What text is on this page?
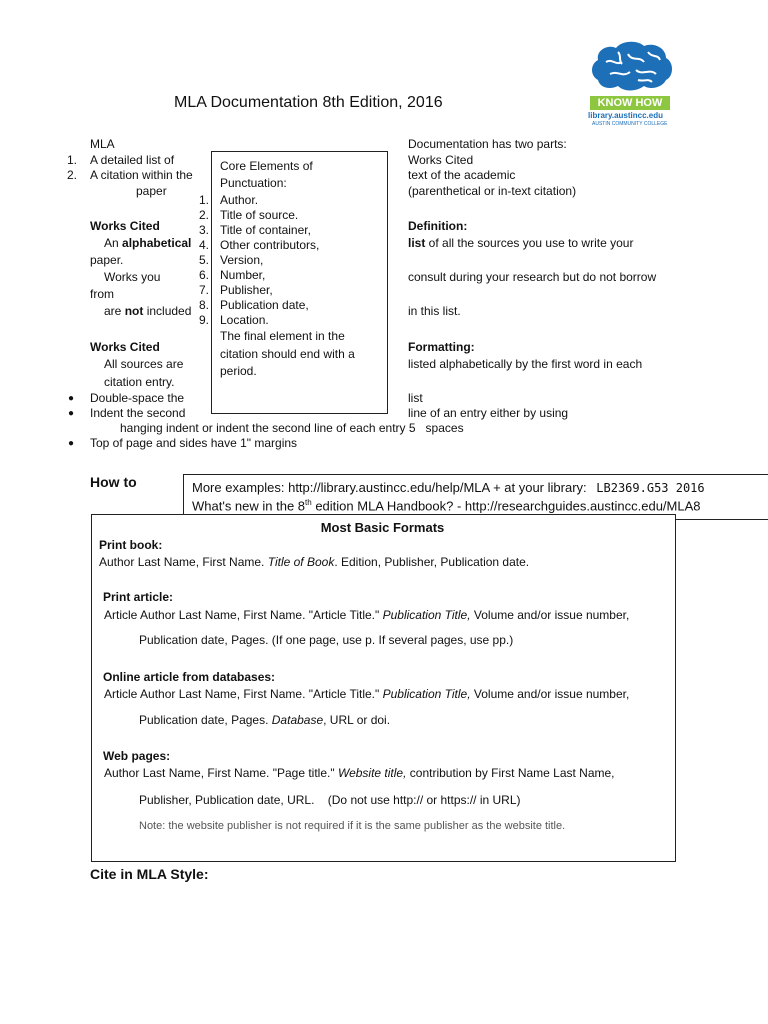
KNOW HOW
library.austincc.edu
AUSTIN COMMUNITY COLLEGE
MLA Documentation 8th Edition, 2016
MLA	Documentation has two parts:
1. A detailed list of	Works Cited
2. A citation within the	text of the academic
paper	(parenthetical or in-text citation)
Works Cited
An alphabetical
paper.
Works you
from
are not included
Definition:
list of all the sources you use to write your
consult during your research but do not borrow
in this list.
Core Elements of
Punctuation:
1. Author.
2. Title of source.
3. Title of container,
4. Other contributors,
5. Version,
6. Number,
7. Publisher,
8. Publication date,
9. Location.
The final element in the
citation should end with a
period.
Works Cited
All sources are
citation entry.
Formatting:
listed alphabetically by the first word in each
list
line of an entry either by using
● Double-space the
● Indent the second
hanging indent or indent the second line of each entry 5   spaces
● Top of page and sides have 1" margins
How to	More examples: http://library.austincc.edu/help/MLA + at your library: LB2369.G53 2016
What's new in the 8th edition MLA Handbook? - http://researchguides.austincc.edu/MLA8
Most Basic Formats
Print book:
Author Last Name, First Name. Title of Book. Edition, Publisher, Publication date.
Print article:
Article Author Last Name, First Name. "Article Title." Publication Title, Volume and/or issue number,
Publication date, Pages. (If one page, use p. If several pages, use pp.)
Online article from databases:
Article Author Last Name, First Name. "Article Title." Publication Title, Volume and/or issue number,
Publication date, Pages. Database, URL or doi.
Web pages:
Author Last Name, First Name. "Page title." Website title, contribution by First Name Last Name,
Publisher, Publication date, URL.    (Do not use http:// or https:// in URL)
Note: the website publisher is not required if it is the same publisher as the website title.
Cite in MLA Style:
